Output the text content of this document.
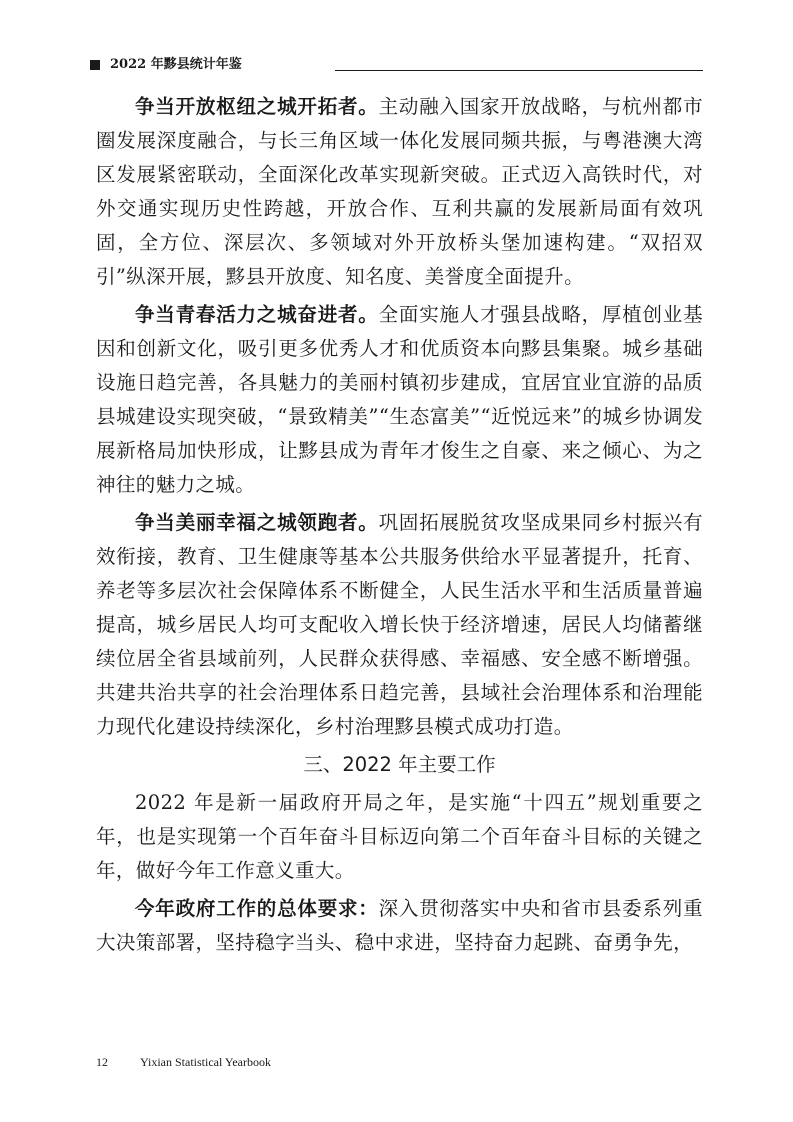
2022 年黟县统计年鉴

争当开放枢纽之城开拓者。主动融入国家开放战略，与杭州都市圈发展深度融合，与长三角区域一体化发展同频共振，与粤港澳大湾区发展紧密联动，全面深化改革实现新突破。正式迈入高铁时代，对外交通实现历史性跨越，开放合作、互利共赢的发展新局面有效巩固，全方位、深层次、多领域对外开放桥头堡加速构建。“双招双引”纵深开展，黟县开放度、知名度、美誉度全面提升。

争当青春活力之城奋进者。全面实施人才强县战略，厚植创业基因和创新文化，吸引更多优秀人才和优质资本向黟县集聚。城乡基础设施日趋完善，各具魅力的美丽村镇初步建成，宜居宜业宜游的品质县城建设实现突破，“景致精美”“生态富美”“近悦远来”的城乡协调发展新格局加快形成，让黟县成为青年才俊生之自豪、来之倾心、为之神往的魅力之城。

争当美丽幸福之城领跑者。巩固拓展脱贫攻坚成果同乡村振兴有效衔接，教育、卫生健康等基本公共服务供给水平显著提升，托育、养老等多层次社会保障体系不断健全，人民生活水平和生活质量普遍提高，城乡居民人均可支配收入增长快于经济增速，居民人均储蓄继续位居全省县域前列，人民群众获得感、幸福感、安全感不断增强。共建共治共享的社会治理体系日趋完善，县域社会治理体系和治理能力现代化建设持续深化，乡村治理黟县模式成功打造。

三、2022 年主要工作

2022 年是新一届政府开局之年，是实施“十四五”规划重要之年，也是实现第一个百年奋斗目标迈向第二个百年奋斗目标的关键之年，做好今年工作意义重大。

今年政府工作的总体要求：深入贯彻落实中央和省市县委系列重大决策部署，坚持稳字当头、稳中求进，坚持奋力起跳、奋勇争先，

12	Yixian Statistical Yearbook
